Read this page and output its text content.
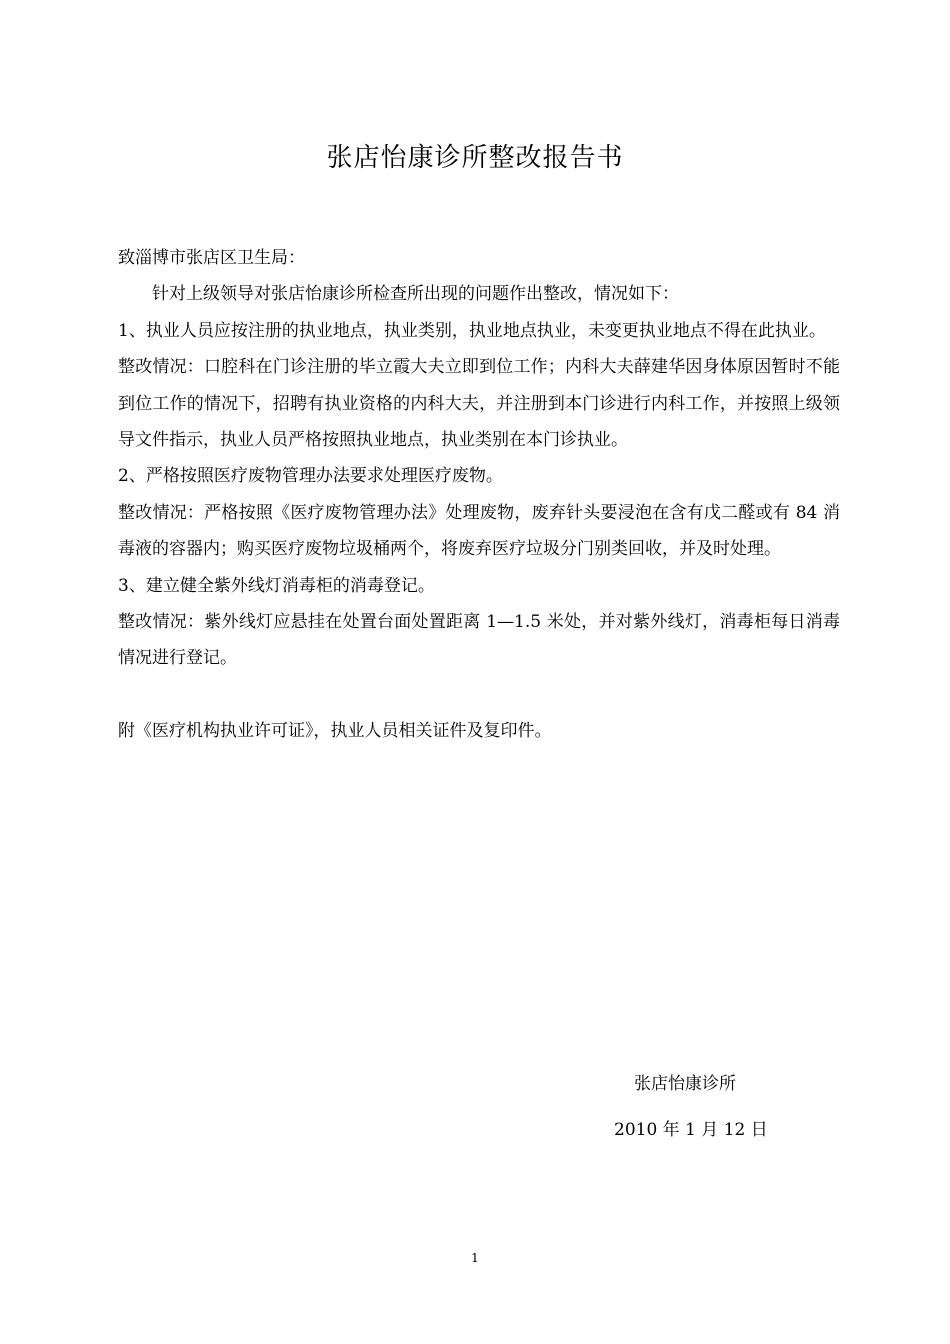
张店怡康诊所整改报告书

致淄博市张店区卫生局：

针对上级领导对张店怡康诊所检查所出现的问题作出整改，情况如下：

1、执业人员应按注册的执业地点，执业类别，执业地点执业，未变更执业地点不得在此执业。

整改情况：口腔科在门诊注册的毕立霞大夫立即到位工作；内科大夫薛建华因身体原因暂时不能到位工作的情况下，招聘有执业资格的内科大夫，并注册到本门诊进行内科工作，并按照上级领导文件指示，执业人员严格按照执业地点，执业类别在本门诊执业。

2、严格按照医疗废物管理办法要求处理医疗废物。

整改情况：严格按照《医疗废物管理办法》处理废物，废弃针头要浸泡在含有戊二醛或有 84 消毒液的容器内；购买医疗废物垃圾桶两个，将废弃医疗垃圾分门别类回收，并及时处理。

3、建立健全紫外线灯消毒柜的消毒登记。

整改情况：紫外线灯应悬挂在处置台面处置距离 1—1.5 米处，并对紫外线灯，消毒柜每日消毒情况进行登记。

附《医疗机构执业许可证》，执业人员相关证件及复印件。

张店怡康诊所
2010 年 1 月 12 日
1
